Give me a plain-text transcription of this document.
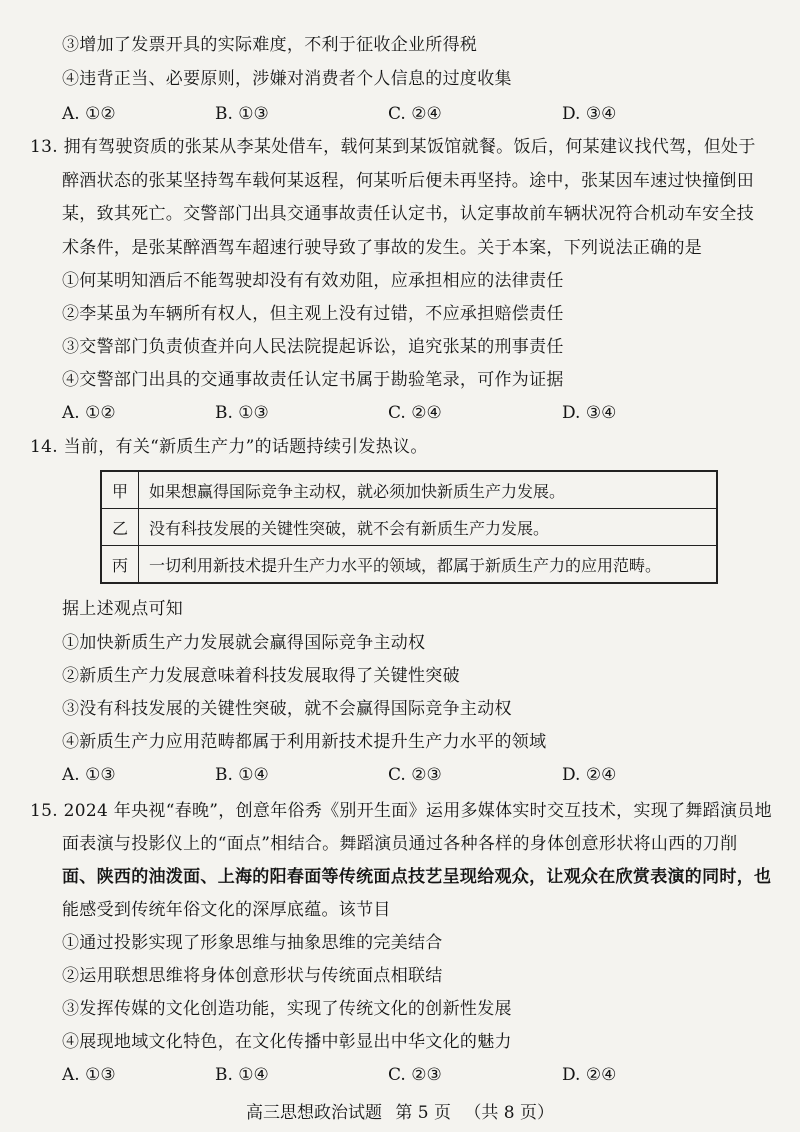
③增加了发票开具的实际难度，不利于征收企业所得税
④违背正当、必要原则，涉嫌对消费者个人信息的过度收集
A. ①②	B. ①③	C. ②④	D. ③④
13. 拥有驾驶资质的张某从李某处借车，载何某到某饭馆就餐。饭后，何某建议找代驾，但处于
醉酒状态的张某坚持驾车载何某返程，何某听后便未再坚持。途中，张某因车速过快撞倒田
某，致其死亡。交警部门出具交通事故责任认定书，认定事故前车辆状况符合机动车安全技
术条件，是张某醉酒驾车超速行驶导致了事故的发生。关于本案，下列说法正确的是
①何某明知酒后不能驾驶却没有有效劝阻，应承担相应的法律责任
②李某虽为车辆所有权人，但主观上没有过错，不应承担赔偿责任
③交警部门负责侦查并向人民法院提起诉讼，追究张某的刑事责任
④交警部门出具的交通事故责任认定书属于勘验笔录，可作为证据
A. ①②	B. ①③	C. ②④	D. ③④
14. 当前，有关“新质生产力”的话题持续引发热议。
甲	如果想赢得国际竞争主动权，就必须加快新质生产力发展。
乙	没有科技发展的关键性突破，就不会有新质生产力发展。
丙	一切利用新技术提升生产力水平的领域，都属于新质生产力的应用范畴。
据上述观点可知
①加快新质生产力发展就会赢得国际竞争主动权
②新质生产力发展意味着科技发展取得了关键性突破
③没有科技发展的关键性突破，就不会赢得国际竞争主动权
④新质生产力应用范畴都属于利用新技术提升生产力水平的领域
A. ①③	B. ①④	C. ②③	D. ②④
15. 2024 年央视“春晚”，创意年俗秀《别开生面》运用多媒体实时交互技术，实现了舞蹈演员地
面表演与投影仪上的“面点”相结合。舞蹈演员通过各种各样的身体创意形状将山西的刀削
面、陕西的油泼面、上海的阳春面等传统面点技艺呈现给观众，让观众在欣赏表演的同时，也
能感受到传统年俗文化的深厚底蕴。该节目
①通过投影实现了形象思维与抽象思维的完美结合
②运用联想思维将身体创意形状与传统面点相联结
③发挥传媒的文化创造功能，实现了传统文化的创新性发展
④展现地域文化特色，在文化传播中彰显出中华文化的魅力
A. ①③	B. ①④	C. ②③	D. ②④
高三思想政治试题 第 5 页 （共 8 页）
